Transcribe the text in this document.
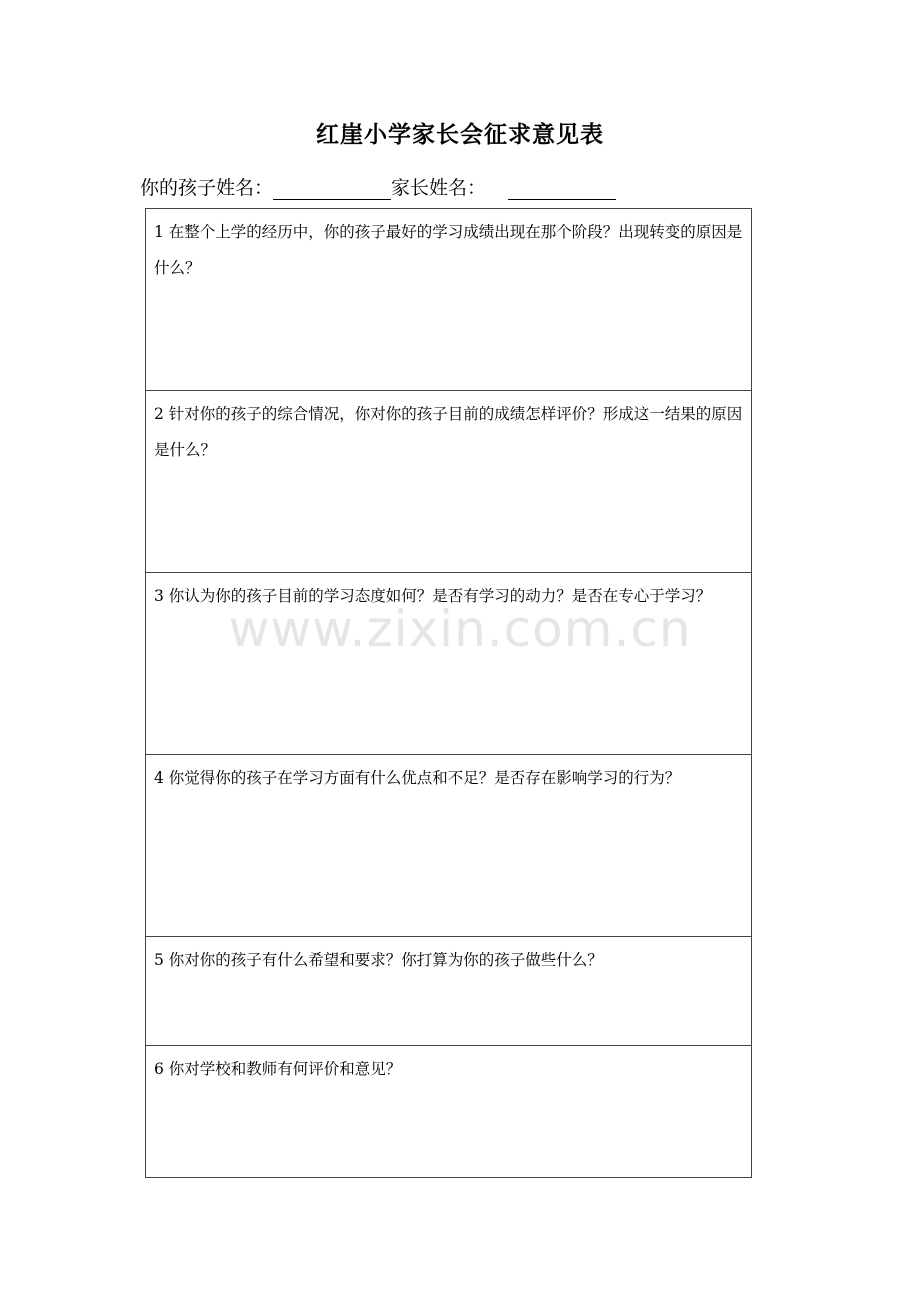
红崖小学家长会征求意见表
你的孩子姓名：	家长姓名：
1 在整个上学的经历中，你的孩子最好的学习成绩出现在那个阶段？出现转变的原因是什么？
2 针对你的孩子的综合情况，你对你的孩子目前的成绩怎样评价？形成这一结果的原因是什么？
3 你认为你的孩子目前的学习态度如何？是否有学习的动力？是否在专心于学习？
4 你觉得你的孩子在学习方面有什么优点和不足？是否存在影响学习的行为？
5 你对你的孩子有什么希望和要求？你打算为你的孩子做些什么？
6 你对学校和教师有何评价和意见？
www.zixin.com.cn
